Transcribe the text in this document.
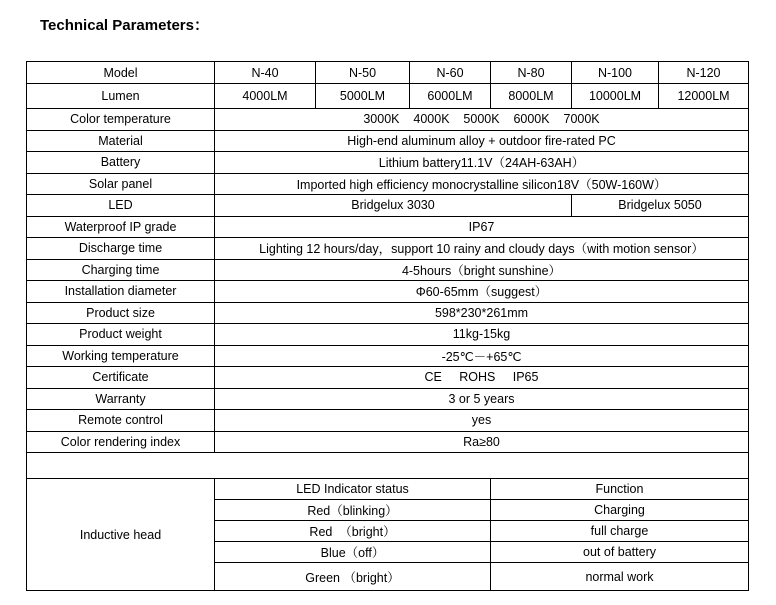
Technical Parameters：
Model	N-40	N-50	N-60	N-80	N-100	N-120
Lumen	4000LM	5000LM	6000LM	8000LM	10000LM	12000LM
Color temperature	3000K    4000K    5000K    6000K    7000K					
Material	High-end aluminum alloy + outdoor fire-rated PC					
Battery	Lithium battery11.1V（24AH-63AH）					
Solar panel	Imported high efficiency monocrystalline silicon18V（50W-160W）					
LED	Bridgelux 3030				Bridgelux 5050	
Waterproof IP grade	IP67					
Discharge time	Lighting 12 hours/day，support 10 rainy and cloudy days（with motion sensor）					
Charging time	4-5hours（bright sunshine）					
Installation diameter	Φ60-65mm（suggest）					
Product size	598*230*261mm					
Product weight	11kg-15kg					
Working temperature	-25℃－+65℃					
Certificate	CE     ROHS     IP65					
Warranty	3 or 5 years					
Remote control	yes					
Color rendering index	Ra≥80					

Inductive head	LED Indicator status			Function		
	Red（blinking）			Charging		
	Red  （bright）			full charge		
	Blue（off）			out of battery		
	Green （bright）			normal work		
